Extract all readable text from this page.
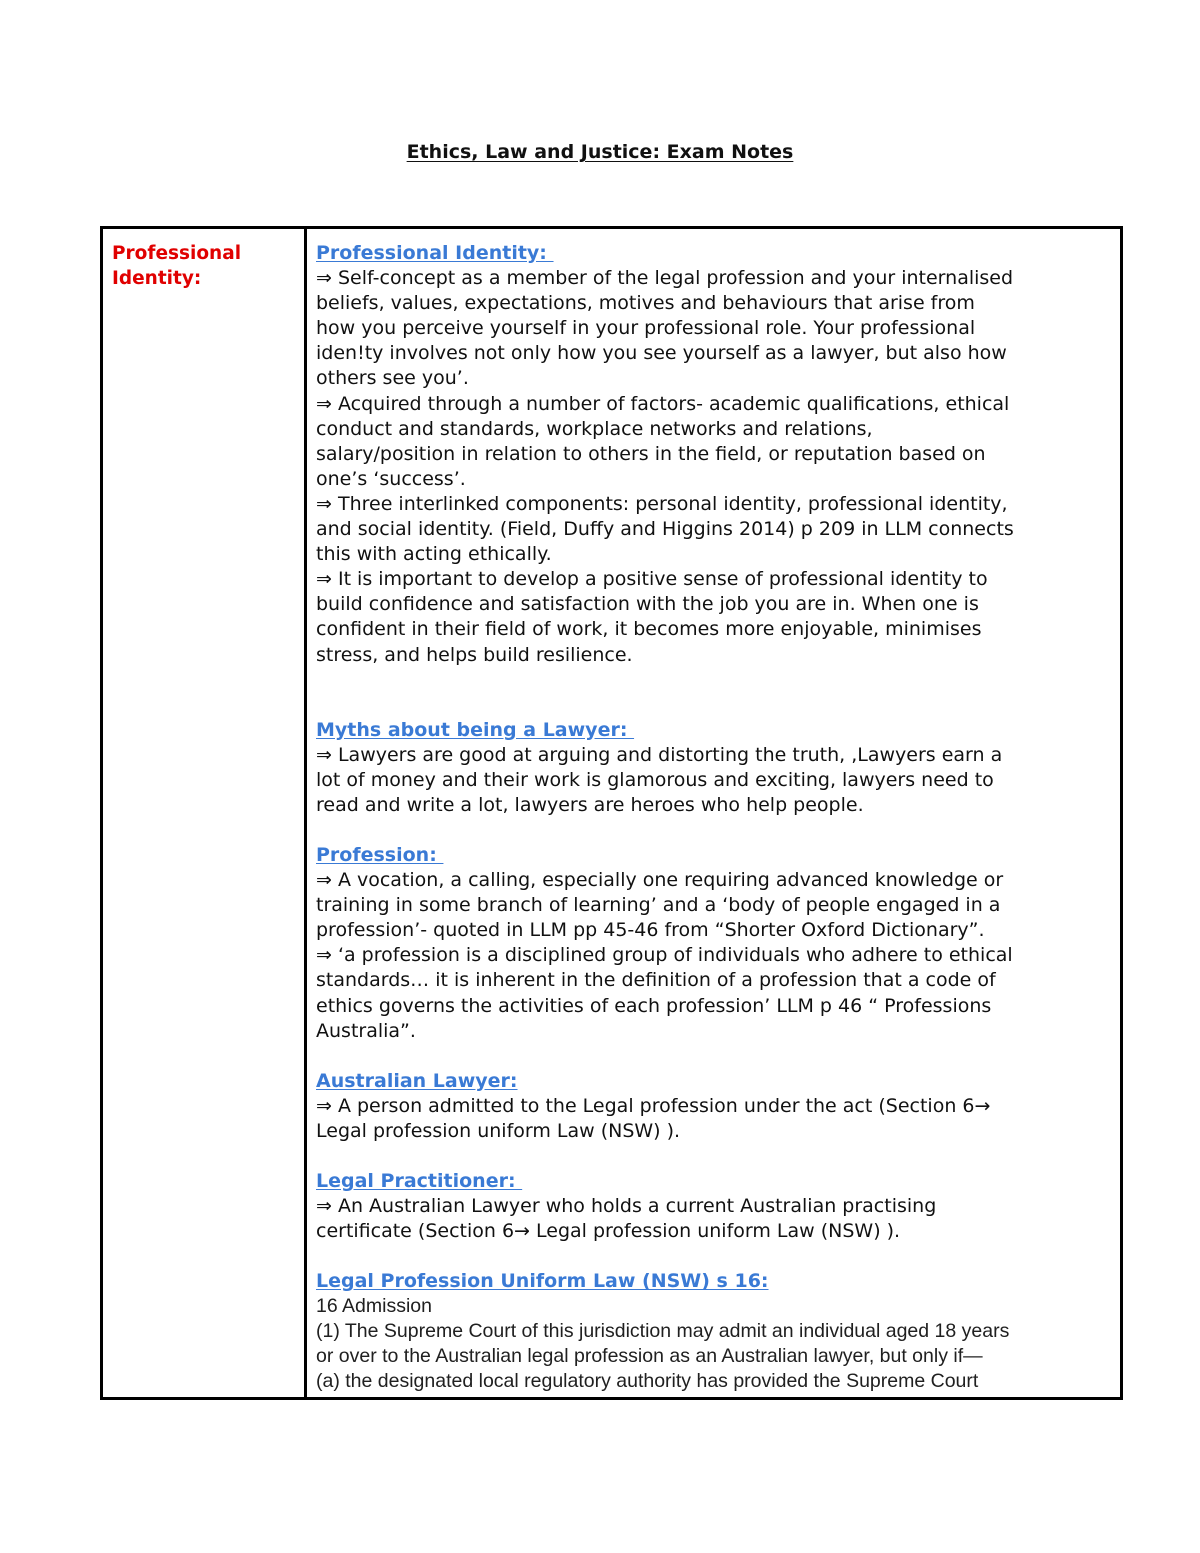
Ethics, Law and Justice: Exam Notes
Professional Identity:
Professional Identity:

⇒ Self-concept as a member of the legal profession and your internalised
beliefs, values, expectations, motives and behaviours that arise from
how you perceive yourself in your professional role. Your professional
iden!ty involves not only how you see yourself as a lawyer, but also how
others see you’.

⇒ Acquired through a number of factors- academic qualifications, ethical
conduct and standards, workplace networks and relations,
salary/position in relation to others in the field, or reputation based on
one’s ‘success’.

⇒ Three interlinked components: personal identity, professional identity,
and social identity. (Field, Duffy and Higgins 2014) p 209 in LLM connects
this with acting ethically.

⇒ It is important to develop a positive sense of professional identity to
build confidence and satisfaction with the job you are in. When one is
confident in their field of work, it becomes more enjoyable, minimises
stress, and helps build resilience.

Myths about being a Lawyer:

⇒ Lawyers are good at arguing and distorting the truth, ,Lawyers earn a
lot of money and their work is glamorous and exciting, lawyers need to
read and write a lot, lawyers are heroes who help people.

Profession:

⇒ A vocation, a calling, especially one requiring advanced knowledge or
training in some branch of learning’ and a ‘body of people engaged in a
profession’- quoted in LLM pp 45-46 from “Shorter Oxford Dictionary”.

⇒ ‘a profession is a disciplined group of individuals who adhere to ethical
standards… it is inherent in the definition of a profession that a code of
ethics governs the activities of each profession’ LLM p 46 “ Professions
Australia”.

Australian Lawyer:

⇒ A person admitted to the Legal profession under the act (Section 6→
Legal profession uniform Law (NSW) ).

Legal Practitioner:

⇒ An Australian Lawyer who holds a current Australian practising
certificate (Section 6→ Legal profession uniform Law (NSW) ).

Legal Profession Uniform Law (NSW) s 16:

16 Admission

(1) The Supreme Court of this jurisdiction may admit an individual aged 18 years
or over to the Australian legal profession as an Australian lawyer, but only if—

(a) the designated local regulatory authority has provided the Supreme Court
